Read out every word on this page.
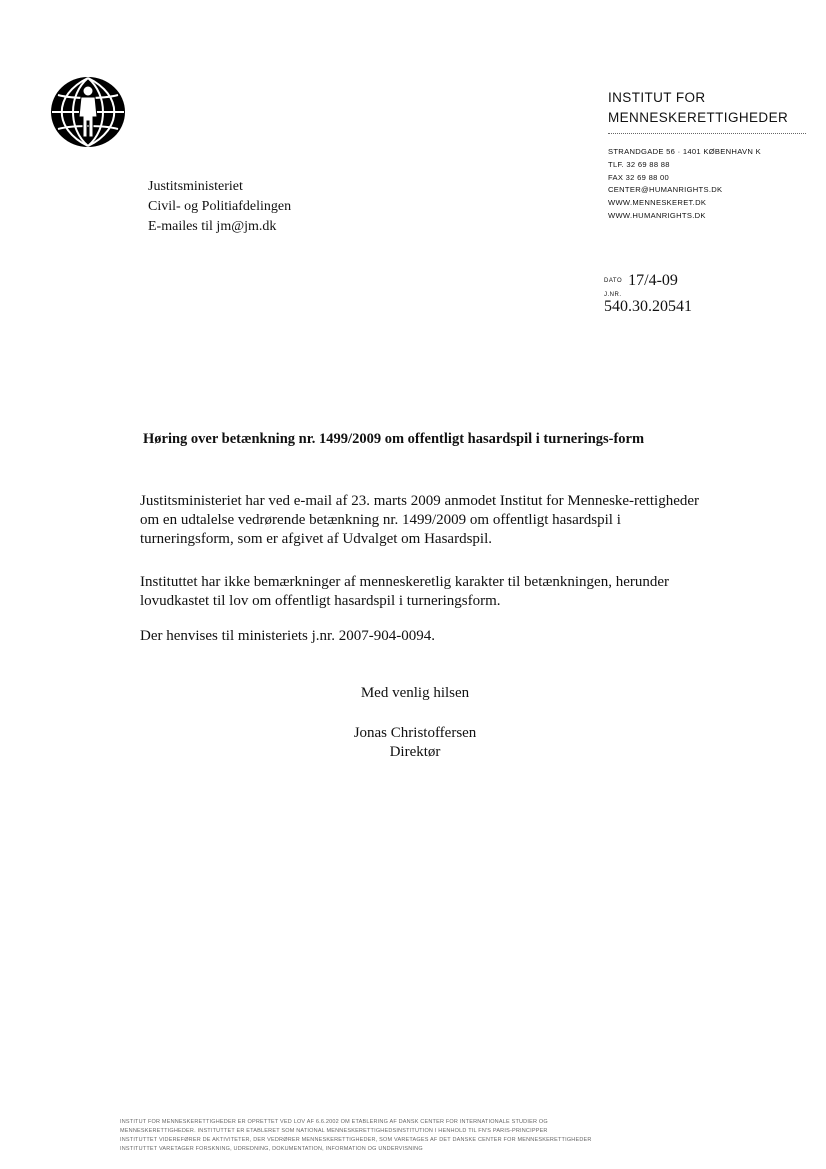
INSTITUT FOR
MENNESKERETTIGHEDER
STRANDGADE 56 · 1401 KØBENHAVN K
TLF. 32 69 88 88
FAX 32 69 88 00
CENTER@HUMANRIGHTS.DK
WWW.MENNESKERET.DK
WWW.HUMANRIGHTS.DK
Justitsministeriet
Civil- og Politiafdelingen
E-mailes til jm@jm.dk
DATO 17/4-09
J.NR.
540.30.20541
Høring over betænkning nr. 1499/2009 om offentligt hasardspil i turnerings-form
Justitsministeriet har ved e-mail af 23. marts 2009 anmodet Institut for Menneske-rettigheder om en udtalelse vedrørende betænkning nr. 1499/2009 om offentligt hasardspil i turneringsform, som er afgivet af Udvalget om Hasardspil.
Instituttet har ikke bemærkninger af menneskeretlig karakter til betænkningen, herunder lovudkastet til lov om offentligt hasardspil i turneringsform.
Der henvises til ministeriets j.nr. 2007-904-0094.
Med venlig hilsen
Jonas Christoffersen
Direktør
INSTITUT FOR MENNESKERETTIGHEDER ER OPRETTET VED LOV AF 6.6.2002 OM ETABLERING AF DANSK CENTER FOR INTERNATIONALE STUDIER OG
MENNESKERETTIGHEDER. INSTITUTTET ER ETABLERET SOM NATIONAL MENNESKERETTIGHEDSINSTITUTION I HENHOLD TIL FN'S PARIS-PRINCIPPER
INSTITUTTET VIDEREFØRER DE AKTIVITETER, DER VEDRØRER MENNESKERETTIGHEDER, SOM VARETAGES AF DET DANSKE CENTER FOR MENNESKERETTIGHEDER
INSTITUTTET VARETAGER FORSKNING, UDREDNING, DOKUMENTATION, INFORMATION OG UNDERVISNING
